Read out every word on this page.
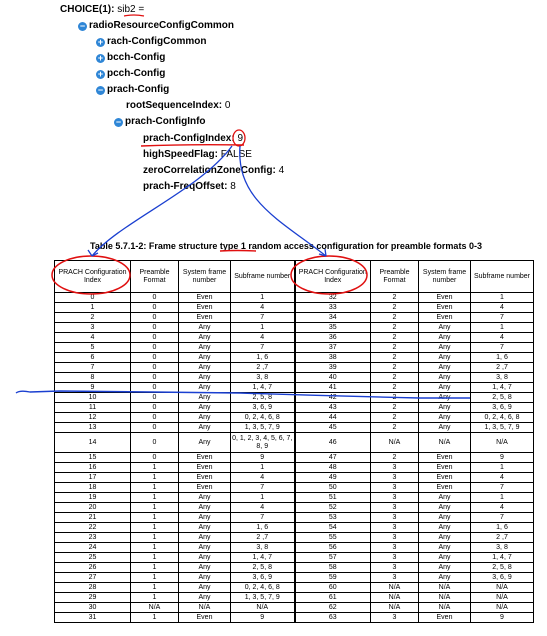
CHOICE(1): sib2 =
− radioResourceConfigCommon
+ rach-ConfigCommon
+ bcch-Config
+ pcch-Config
− prach-Config
rootSequenceIndex: 0
− prach-ConfigInfo
prach-ConfigIndex: 9
highSpeedFlag: FALSE
zeroCorrelationZoneConfig: 4
prach-FreqOffset: 8
Table 5.7.1-2: Frame structure type 1 random access configuration for preamble formats 0-3
PRACH Configuration Index	Preamble Format	System frame number	Subframe number	PRACH Configuration Index	Preamble Format	System frame number	Subframe number
0	0	Even	1	32	2	Even	1
1	0	Even	4	33	2	Even	4
2	0	Even	7	34	2	Even	7
3	0	Any	1	35	2	Any	1
4	0	Any	4	36	2	Any	4
5	0	Any	7	37	2	Any	7
6	0	Any	1, 6	38	2	Any	1, 6
7	0	Any	2 ,7	39	2	Any	2 ,7
8	0	Any	3, 8	40	2	Any	3, 8
9	0	Any	1, 4, 7	41	2	Any	1, 4, 7
10	0	Any	2, 5, 8	42	2	Any	2, 5, 8
11	0	Any	3, 6, 9	43	2	Any	3, 6, 9
12	0	Any	0, 2, 4, 6, 8	44	2	Any	0, 2, 4, 6, 8
13	0	Any	1, 3, 5, 7, 9	45	2	Any	1, 3, 5, 7, 9
14	0	Any	0, 1, 2, 3, 4, 5, 6, 7, 8, 9	46	N/A	N/A	N/A
15	0	Even	9	47	2	Even	9
16	1	Even	1	48	3	Even	1
17	1	Even	4	49	3	Even	4
18	1	Even	7	50	3	Even	7
19	1	Any	1	51	3	Any	1
20	1	Any	4	52	3	Any	4
21	1	Any	7	53	3	Any	7
22	1	Any	1, 6	54	3	Any	1, 6
23	1	Any	2 ,7	55	3	Any	2 ,7
24	1	Any	3, 8	56	3	Any	3, 8
25	1	Any	1, 4, 7	57	3	Any	1, 4, 7
26	1	Any	2, 5, 8	58	3	Any	2, 5, 8
27	1	Any	3, 6, 9	59	3	Any	3, 6, 9
28	1	Any	0, 2, 4, 6, 8	60	N/A	N/A	N/A
29	1	Any	1, 3, 5, 7, 9	61	N/A	N/A	N/A
30	N/A	N/A	N/A	62	N/A	N/A	N/A
31	1	Even	9	63	3	Even	9
